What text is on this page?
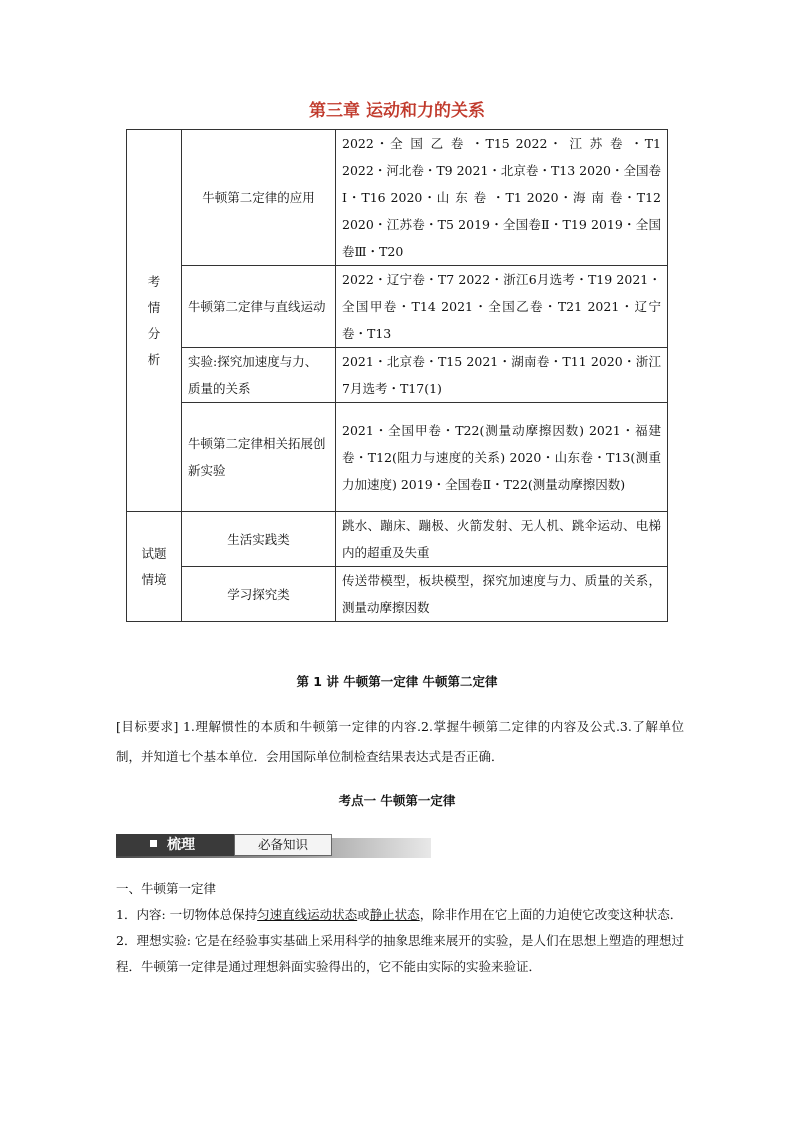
第三章 运动和力的关系
考
情
分
析	牛顿第二定律的应用	2022・全 国 乙 卷 ・T15 2022・ 江 苏 卷 ・T1 2022・河北卷・T9 2021・北京卷・T13 2020・全国卷Ⅰ・T16 2020・山 东 卷 ・T1 2020・海 南 卷・T12 2020・江苏卷・T5 2019・全国卷Ⅱ・T19 2019・全国卷Ⅲ・T20
	牛顿第二定律与直线运动	2022・辽宁卷・T7 2022・浙江6月选考・T19 2021・全国甲卷・T14 2021・全国乙卷・T21 2021・辽宁卷・T13
	实验:探究加速度与力、质量的关系	2021・北京卷・T15 2021・湖南卷・T11 2020・浙江7月选考・T17(1)
	牛顿第二定律相关拓展创新实验	2021・全国甲卷・T22(测量动摩擦因数) 2021・福建卷・T12(阻力与速度的关系) 2020・山东卷・T13(测重力加速度) 2019・全国卷Ⅱ・T22(测量动摩擦因数)

试题
情境	生活实践类	跳水、蹦床、蹦极、火箭发射、无人机、跳伞运动、电梯内的超重及失重
	学习探究类	传送带模型，板块模型，探究加速度与力、质量的关系，测量动摩擦因数
第 1 讲 牛顿第一定律 牛顿第二定律
[目标要求] 1.理解惯性的本质和牛顿第一定律的内容.2.掌握牛顿第二定律的内容及公式.3.了解单位制，并知道七个基本单位．会用国际单位制检查结果表达式是否正确．
考点一 牛顿第一定律
梳理	必备知识

一、牛顿第一定律

1．内容: 一切物体总保持匀速直线运动状态或静止状态，除非作用在它上面的力迫使它改变这种状态．

2．理想实验: 它是在经验事实基础上采用科学的抽象思维来展开的实验，是人们在思想上塑造的理想过程．牛顿第一定律是通过理想斜面实验得出的，它不能由实际的实验来验证．
